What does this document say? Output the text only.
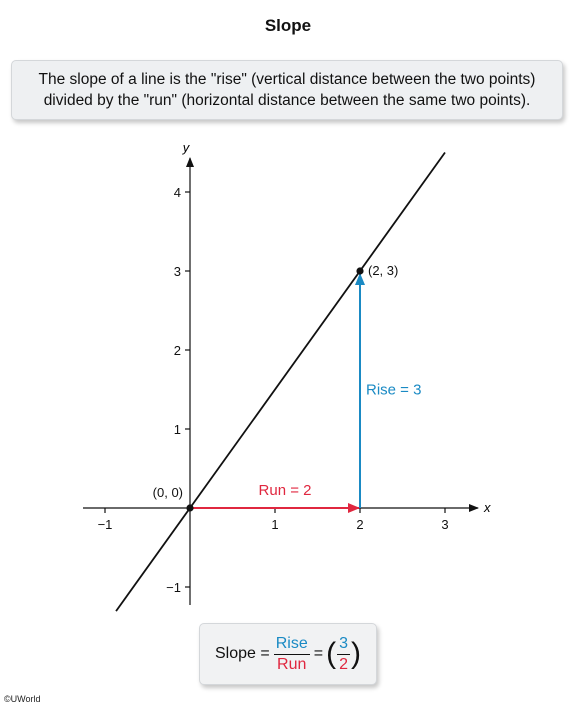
Slope
The slope of a line is the "rise" (vertical distance between the two points)
divided by the "run" (horizontal distance between the same two points).
x
y
−1	1	2	3
−1
1
2
3
4
Run = 2
Rise = 3
(0, 0)
(2, 3)
Slope = $\frac{\text{Rise}}{\text{Run}}$ = ( $\frac{3}{2}$ )
©UWorld
